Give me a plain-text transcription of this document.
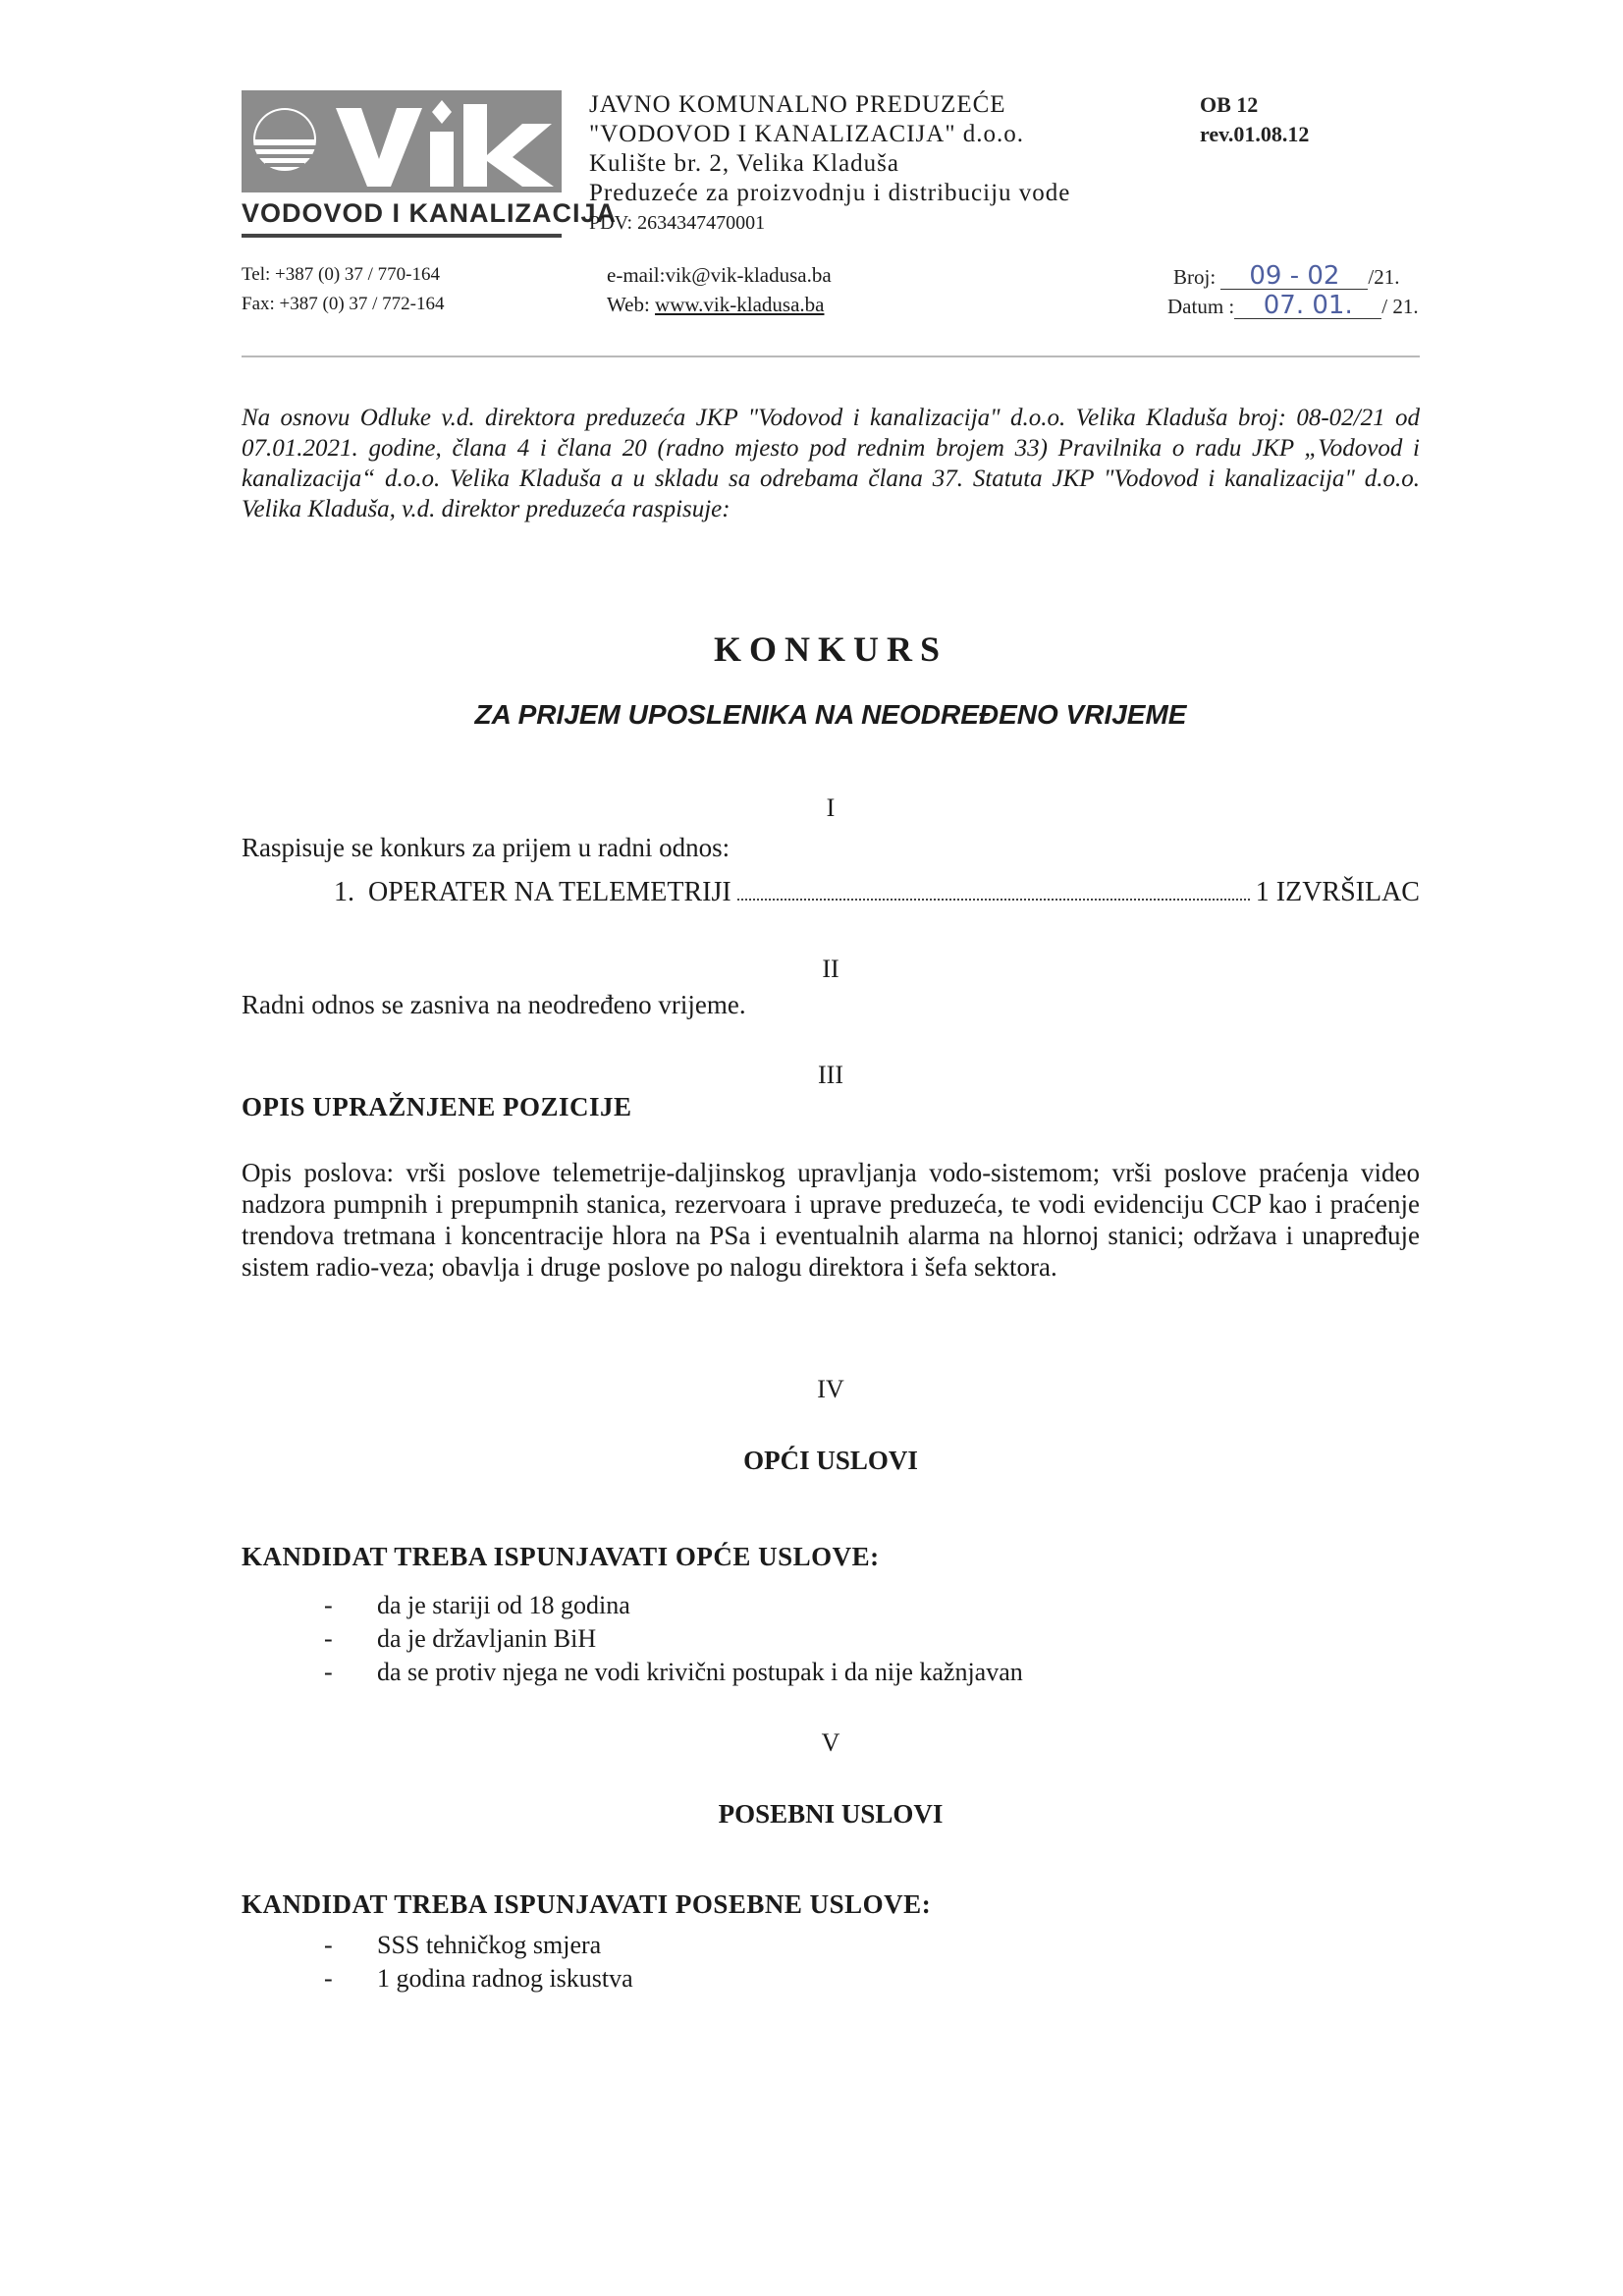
VODOVOD I KANALIZACIJA
Tel: +387 (0) 37 / 770-164
Fax: +387 (0) 37 / 772-164
JAVNO KOMUNALNO PREDUZEĆE
"VODOVOD I KANALIZACIJA" d.o.o.
Kulište br. 2, Velika Kladuša
Preduzeće za proizvodnju i distribuciju vode
PDV: 2634347470001
e-mail:vik@vik-kladusa.ba
Web: www.vik-kladusa.ba
OB 12
rev.01.08.12
Broj: 09 - 02 /21.
Datum : 07. 01. / 21.
Na osnovu Odluke v.d. direktora preduzeća JKP "Vodovod i kanalizacija" d.o.o. Velika Kladuša broj: 08-02/21 od 07.01.2021. godine, člana 4 i člana 20 (radno mjesto pod rednim brojem 33) Pravilnika o radu JKP „Vodovod i kanalizacija“ d.o.o. Velika Kladuša a u skladu sa odrebama člana 37. Statuta JKP "Vodovod i kanalizacija" d.o.o. Velika Kladuša, v.d. direktor preduzeća raspisuje:
KONKURS
ZA PRIJEM UPOSLENIKA NA NEODREĐENO VRIJEME
I
Raspisuje se konkurs za prijem u radni odnos:
1. OPERATER NA TELEMETRIJI	1 IZVRŠILAC
II
Radni odnos se zasniva na neodređeno vrijeme.
III
OPIS UPRAŽNJENE POZICIJE
Opis poslova: vrši poslove telemetrije-daljinskog upravljanja vodo-sistemom; vrši poslove praćenja video nadzora pumpnih i prepumpnih stanica, rezervoara i uprave preduzeća, te vodi evidenciju CCP kao i praćenje trendova tretmana i koncentracije hlora na PSa i eventualnih alarma na hlornoj stanici; održava i unapređuje sistem radio-veza; obavlja i druge poslove po nalogu direktora i šefa sektora.
IV
OPĆI USLOVI
KANDIDAT TREBA ISPUNJAVATI OPĆE USLOVE:
- da je stariji od 18 godina
- da je državljanin BiH
- da se protiv njega ne vodi krivični postupak i da nije kažnjavan
V
POSEBNI USLOVI
KANDIDAT TREBA ISPUNJAVATI POSEBNE USLOVE:
- SSS tehničkog smjera
- 1 godina radnog iskustva
